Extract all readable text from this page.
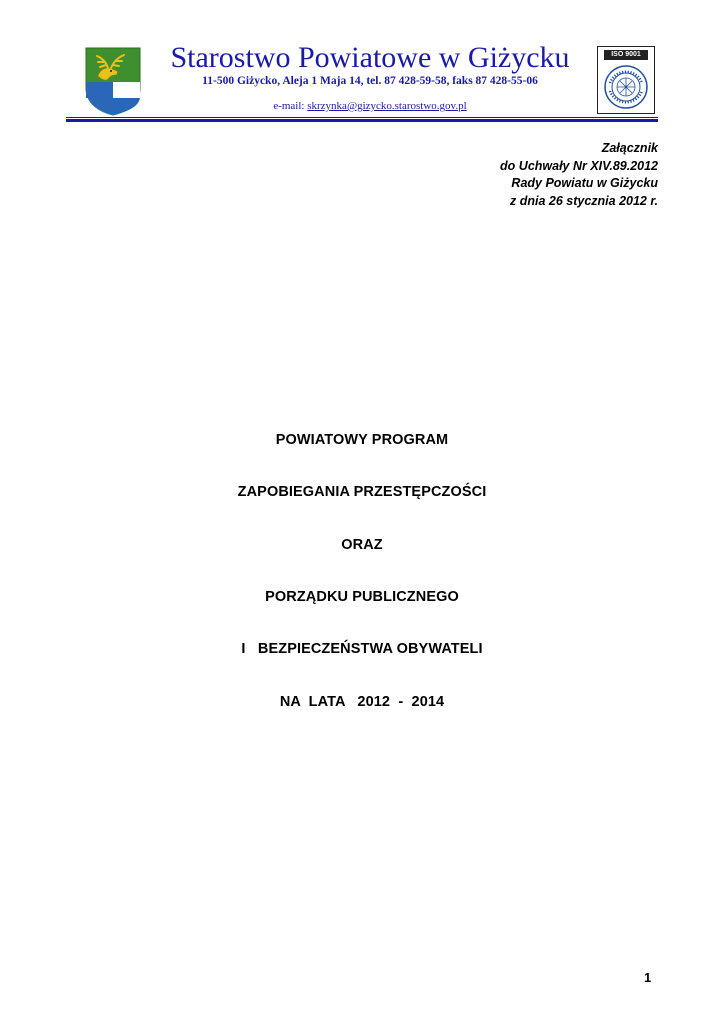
Starostwo Powiatowe w Giżycku
11-500 Giżycko, Aleja 1 Maja 14, tel. 87 428-59-58, faks 87 428-55-06
e-mail: skrzynka@gizycko.starostwo.gov.pl
ISO 9001
Załącznik
do Uchwały Nr XIV.89.2012
Rady Powiatu w Giżycku
z dnia 26 stycznia 2012 r.
POWIATOWY PROGRAM
ZAPOBIEGANIA PRZESTĘPCZOŚCI
ORAZ
PORZĄDKU PUBLICZNEGO
I   BEZPIECZEŃSTWA OBYWATELI
NA  LATA   2012  -  2014
1
